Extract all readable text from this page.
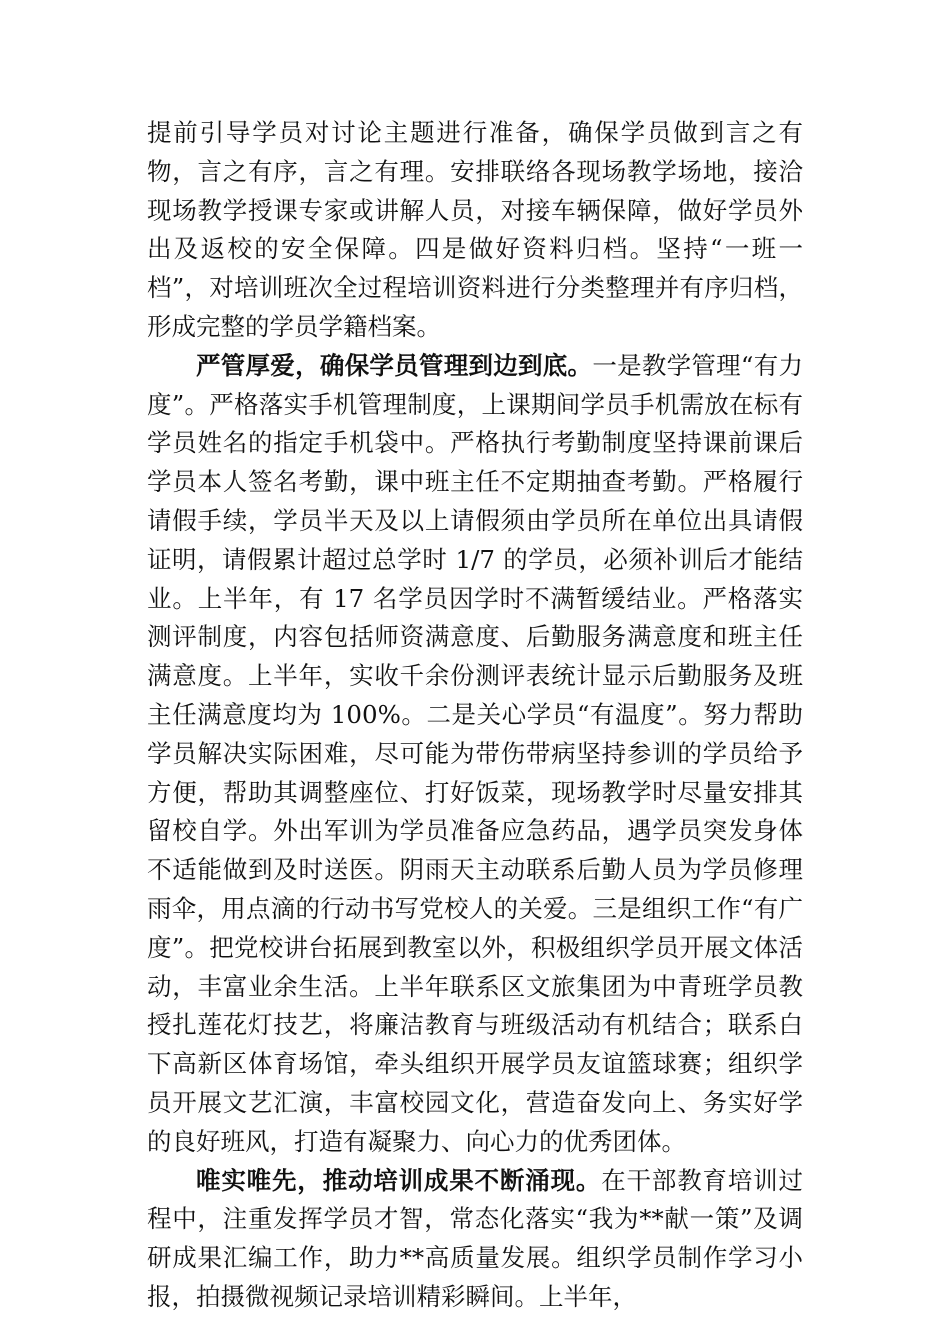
提前引导学员对讨论主题进行准备，确保学员做到言之有物，言之有序，言之有理。安排联络各现场教学场地，接洽现场教学授课专家或讲解人员，对接车辆保障，做好学员外出及返校的安全保障。四是做好资料归档。坚持“一班一档”，对培训班次全过程培训资料进行分类整理并有序归档，形成完整的学员学籍档案。

严管厚爱，确保学员管理到边到底。一是教学管理“有力度”。严格落实手机管理制度，上课期间学员手机需放在标有学员姓名的指定手机袋中。严格执行考勤制度坚持课前课后学员本人签名考勤，课中班主任不定期抽查考勤。严格履行请假手续，学员半天及以上请假须由学员所在单位出具请假证明，请假累计超过总学时 1/7 的学员，必须补训后才能结业。上半年，有 17 名学员因学时不满暂缓结业。严格落实测评制度，内容包括师资满意度、后勤服务满意度和班主任满意度。上半年，实收千余份测评表统计显示后勤服务及班主任满意度均为 100%。二是关心学员“有温度”。努力帮助学员解决实际困难，尽可能为带伤带病坚持参训的学员给予方便，帮助其调整座位、打好饭菜，现场教学时尽量安排其留校自学。外出军训为学员准备应急药品，遇学员突发身体不适能做到及时送医。阴雨天主动联系后勤人员为学员修理雨伞，用点滴的行动书写党校人的关爱。三是组织工作“有广度”。把党校讲台拓展到教室以外，积极组织学员开展文体活动，丰富业余生活。上半年联系区文旅集团为中青班学员教授扎莲花灯技艺，将廉洁教育与班级活动有机结合；联系白下高新区体育场馆，牵头组织开展学员友谊篮球赛；组织学员开展文艺汇演，丰富校园文化，营造奋发向上、务实好学的良好班风，打造有凝聚力、向心力的优秀团体。

唯实唯先，推动培训成果不断涌现。在干部教育培训过程中，注重发挥学员才智，常态化落实“我为**献一策”及调研成果汇编工作，助力**高质量发展。组织学员制作学习小报，拍摄微视频记录培训精彩瞬间。上半年，
